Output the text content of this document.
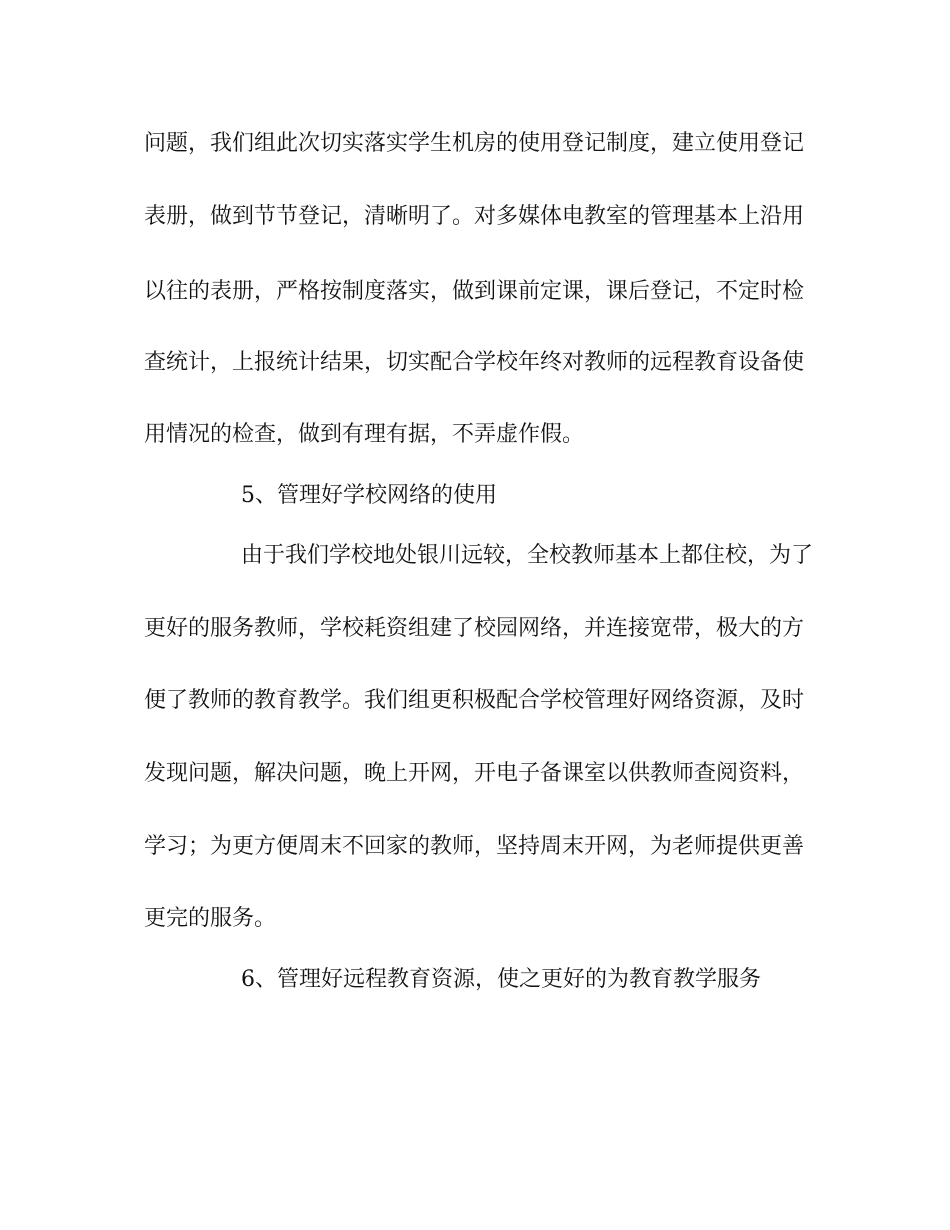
问题，我们组此次切实落实学生机房的使用登记制度，建立使用登记
表册，做到节节登记，清晰明了。对多媒体电教室的管理基本上沿用
以往的表册，严格按制度落实，做到课前定课，课后登记，不定时检
查统计，上报统计结果，切实配合学校年终对教师的远程教育设备使
用情况的检查，做到有理有据，不弄虚作假。
5、管理好学校网络的使用
由于我们学校地处银川远较，全校教师基本上都住校，为了
更好的服务教师，学校耗资组建了校园网络，并连接宽带，极大的方
便了教师的教育教学。我们组更积极配合学校管理好网络资源，及时
发现问题，解决问题，晚上开网，开电子备课室以供教师查阅资料，
学习；为更方便周末不回家的教师，坚持周末开网，为老师提供更善
更完的服务。
6、管理好远程教育资源，使之更好的为教育教学服务
